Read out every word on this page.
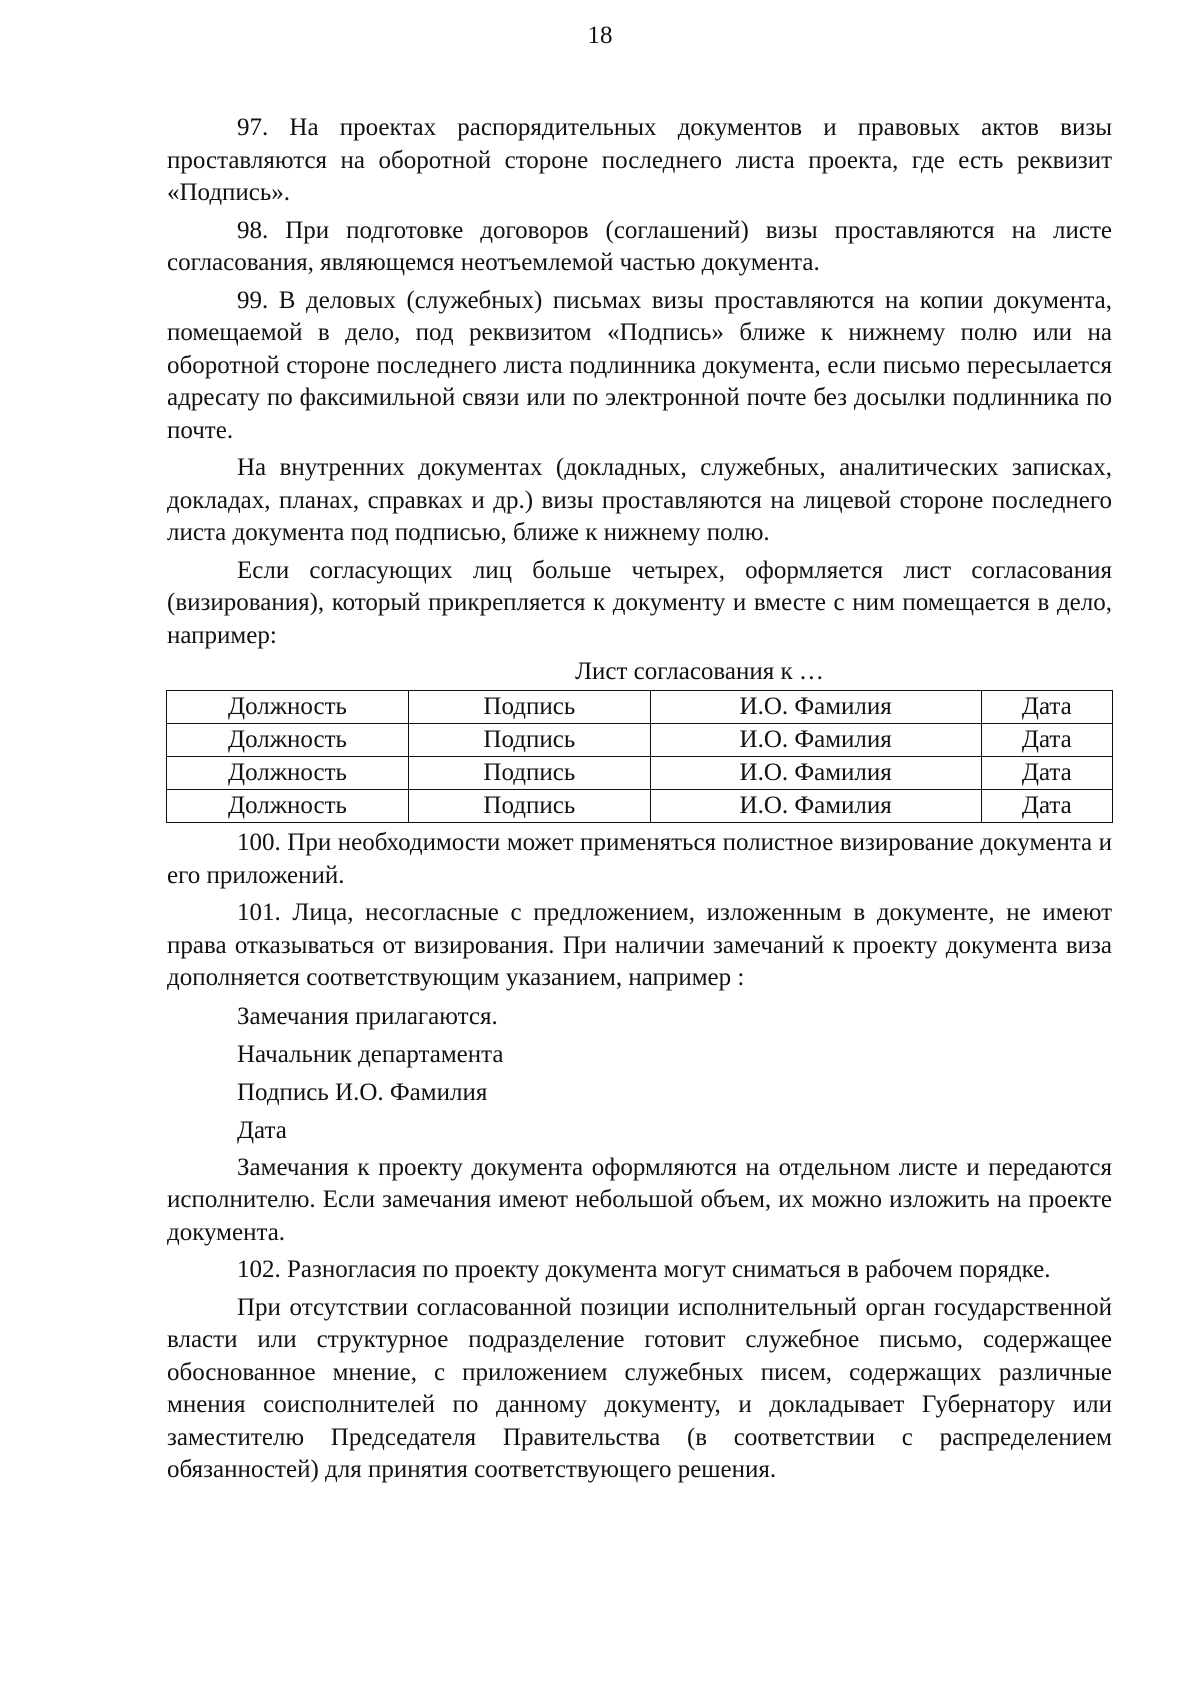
18

97. На проектах распорядительных документов и правовых актов визы проставляются на оборотной стороне последнего листа проекта, где есть реквизит «Подпись».

98. При подготовке договоров (соглашений) визы проставляются на листе согласования, являющемся неотъемлемой частью документа.

99. В деловых (служебных) письмах визы проставляются на копии документа, помещаемой в дело, под реквизитом «Подпись» ближе к нижнему полю или на оборотной стороне последнего листа подлинника документа, если письмо пересылается адресату по факсимильной связи или по электронной почте без досылки подлинника по почте.

На внутренних документах (докладных, служебных, аналитических записках, докладах, планах, справках и др.) визы проставляются на лицевой стороне последнего листа документа под подписью, ближе к нижнему полю.

Если согласующих лиц больше четырех, оформляется лист согласования (визирования), который прикрепляется к документу и вместе с ним помещается в дело, например:

Лист согласования к …
Должность	Подпись	И.О. Фамилия	Дата
Должность	Подпись	И.О. Фамилия	Дата
Должность	Подпись	И.О. Фамилия	Дата
Должность	Подпись	И.О. Фамилия	Дата

100. При необходимости может применяться полистное визирование документа и его приложений.

101. Лица, несогласные с предложением, изложенным в документе, не имеют права отказываться от визирования. При наличии замечаний к проекту документа виза дополняется соответствующим указанием, например :

Замечания прилагаются.
Начальник департамента
Подпись И.О. Фамилия
Дата

Замечания к проекту документа оформляются на отдельном листе и передаются исполнителю. Если замечания имеют небольшой объем, их можно изложить на проекте документа.

102. Разногласия по проекту документа могут сниматься в рабочем порядке.

При отсутствии согласованной позиции исполнительный орган государственной власти или структурное подразделение готовит служебное письмо, содержащее обоснованное мнение, с приложением служебных писем, содержащих различные мнения соисполнителей по данному документу, и докладывает Губернатору или заместителю Председателя Правительства (в соответствии с распределением обязанностей) для принятия соответствующего решения.
